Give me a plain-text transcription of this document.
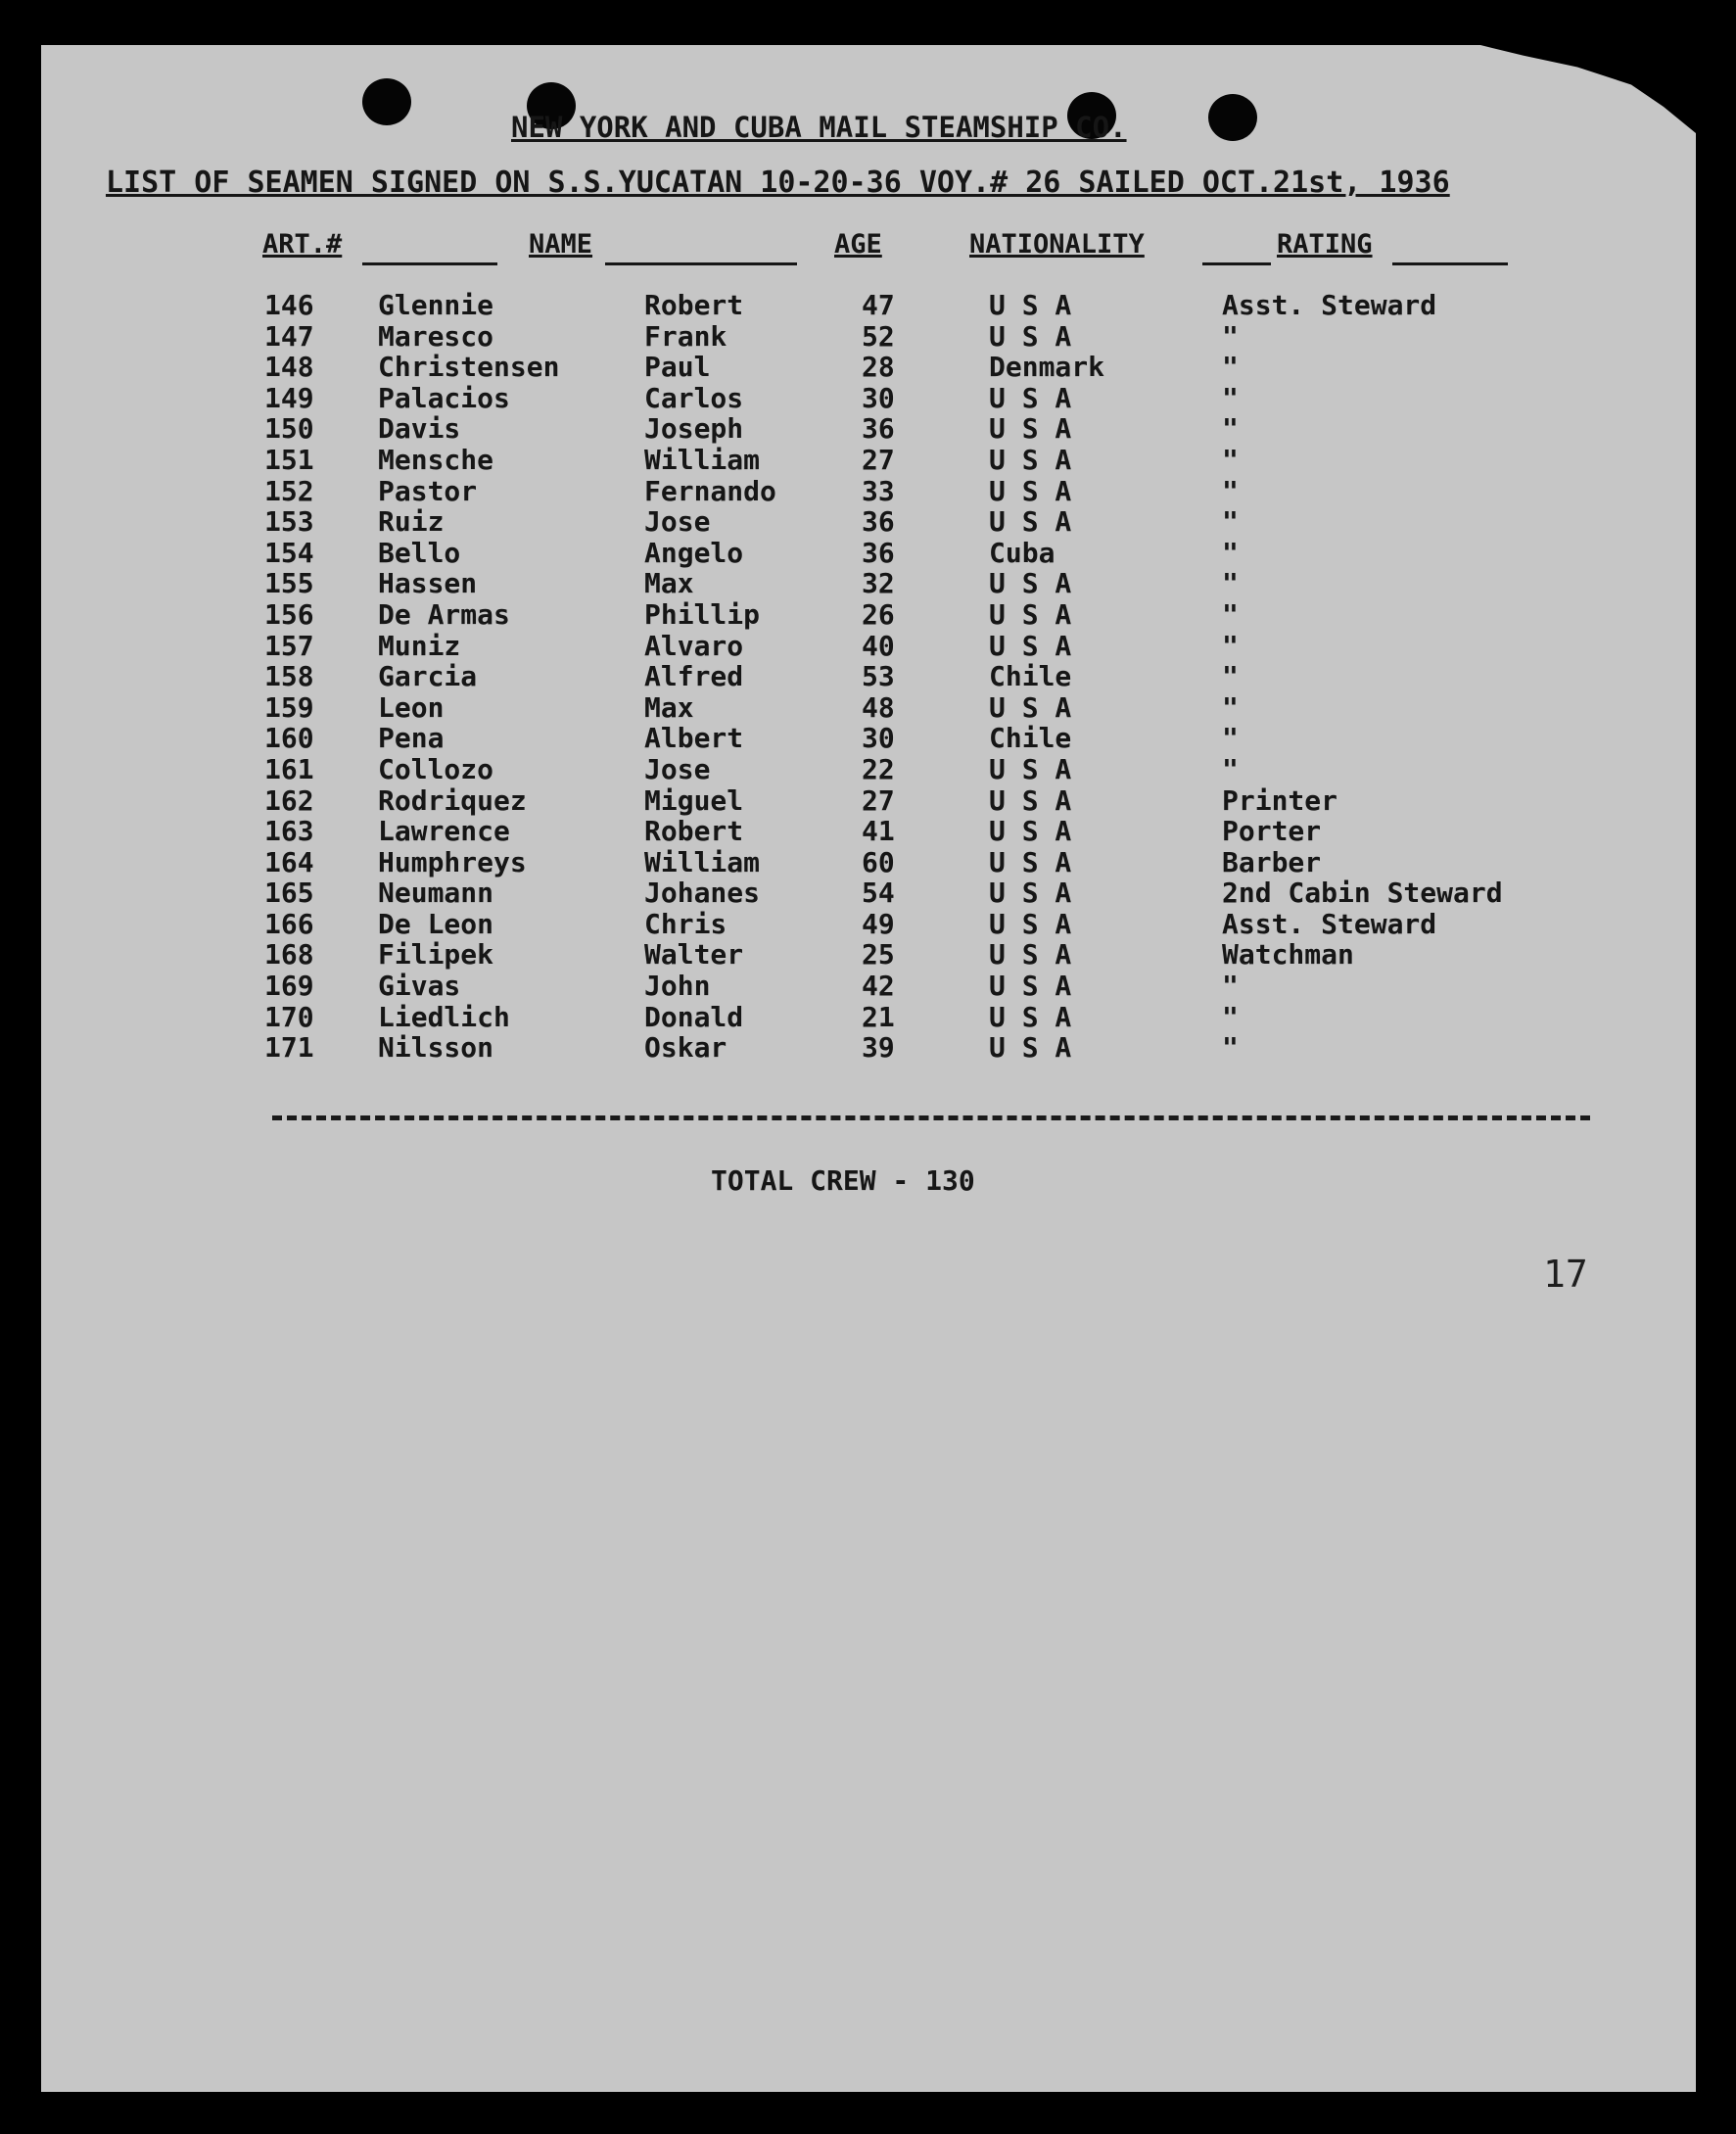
NEW YORK AND CUBA MAIL STEAMSHIP CO.
LIST OF SEAMEN SIGNED ON S.S.YUCATAN 10-20-36 VOY.# 26 SAILED OCT.21st, 1936
ART.#	NAME	AGE	NATIONALITY	RATING
146 Glennie	Robert	47	U S A	Asst. Steward
147 Maresco	Frank	52	U S A	"
148 Christensen	Paul	28	Denmark	"
149 Palacios	Carlos	30	U S A	"
150 Davis	Joseph	36	U S A	"
151 Mensche	William	27	U S A	"
152 Pastor	Fernando	33	U S A	"
153 Ruiz	Jose	36	U S A	"
154 Bello	Angelo	36	Cuba	"
155 Hassen	Max	32	U S A	"
156 De Armas	Phillip	26	U S A	"
157 Muniz	Alvaro	40	U S A	"
158 Garcia	Alfred	53	Chile	"
159 Leon	Max	48	U S A	"
160 Pena	Albert	30	Chile	"
161 Collozo	Jose	22	U S A	"
162 Rodriquez	Miguel	27	U S A	Printer
163 Lawrence	Robert	41	U S A	Porter
164 Humphreys	William	60	U S A	Barber
165 Neumann	Johanes	54	U S A	2nd Cabin Steward
166 De Leon	Chris	49	U S A	Asst. Steward
168 Filipek	Walter	25	U S A	Watchman
169 Givas	John	42	U S A	"
170 Liedlich	Donald	21	U S A	"
171 Nilsson	Oskar	39	U S A	"
TOTAL CREW - 130
17
